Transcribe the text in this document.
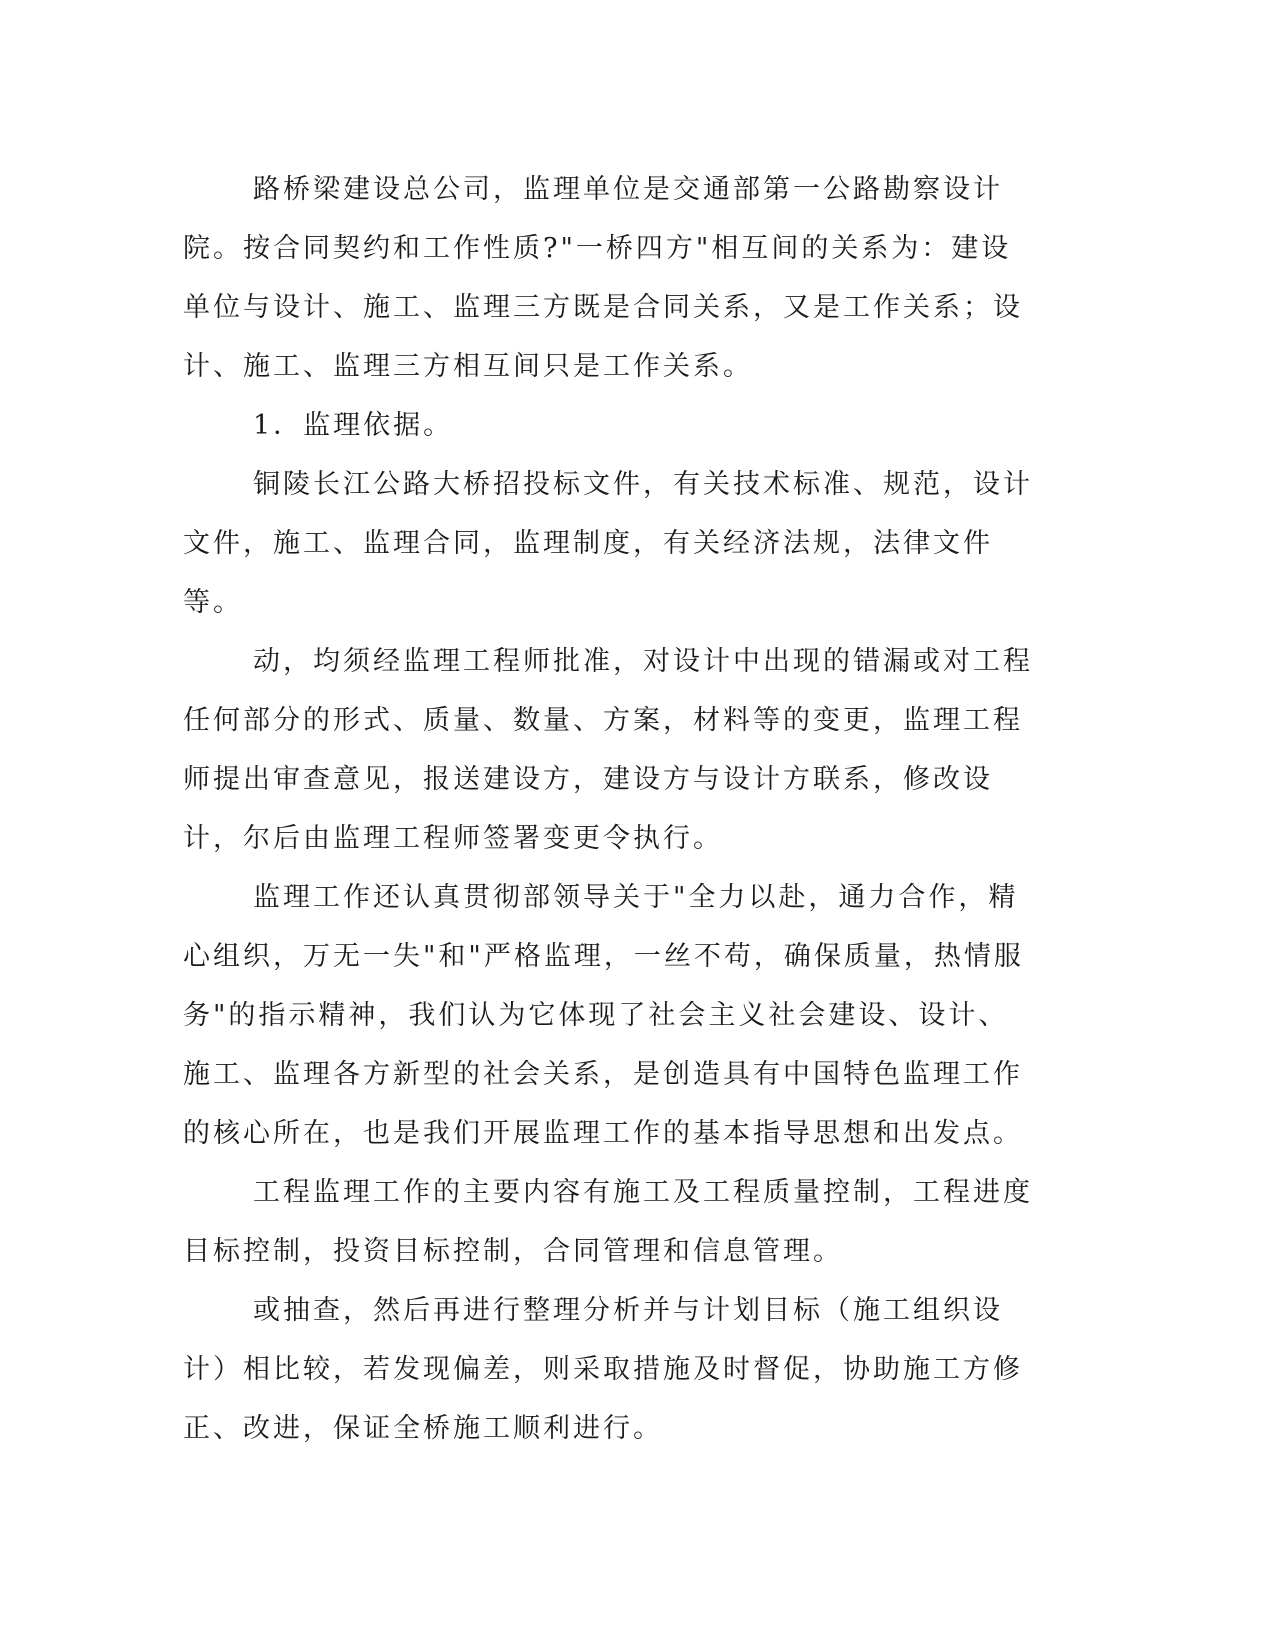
路桥梁建设总公司，监理单位是交通部第一公路勘察设计院。按合同契约和工作性质?"一桥四方"相互间的关系为：建设单位与设计、施工、监理三方既是合同关系，又是工作关系；设计、施工、监理三方相互间只是工作关系。

1．监理依据。

铜陵长江公路大桥招投标文件，有关技术标准、规范，设计文件，施工、监理合同，监理制度，有关经济法规，法律文件等。

动，均须经监理工程师批准，对设计中出现的错漏或对工程任何部分的形式、质量、数量、方案，材料等的变更，监理工程师提出审查意见，报送建设方，建设方与设计方联系，修改设计，尔后由监理工程师签署变更令执行。

监理工作还认真贯彻部领导关于"全力以赴，通力合作，精心组织，万无一失"和"严格监理，一丝不苟，确保质量，热情服务"的指示精神，我们认为它体现了社会主义社会建设、设计、施工、监理各方新型的社会关系，是创造具有中国特色监理工作的核心所在，也是我们开展监理工作的基本指导思想和出发点。

工程监理工作的主要内容有施工及工程质量控制，工程进度目标控制，投资目标控制，合同管理和信息管理。

或抽查，然后再进行整理分析并与计划目标（施工组织设计）相比较，若发现偏差，则采取措施及时督促，协助施工方修正、改进，保证全桥施工顺利进行。
